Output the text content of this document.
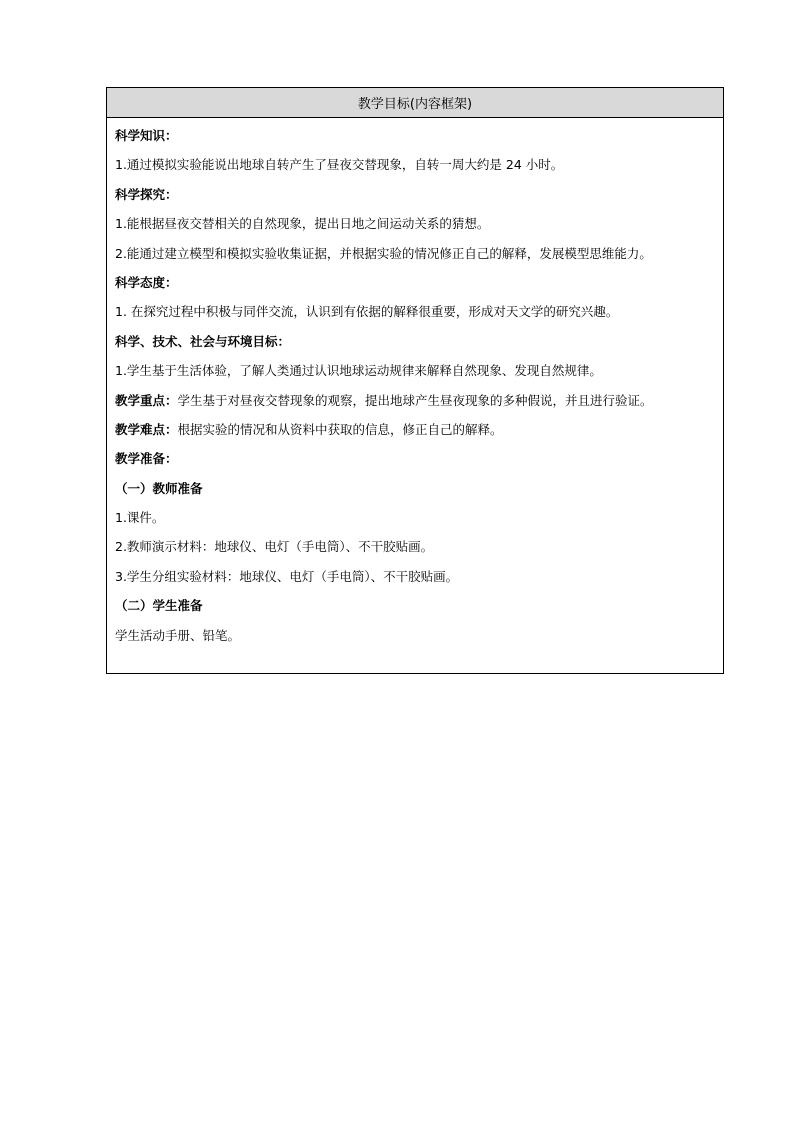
教学目标(内容框架)
科学知识：
1.通过模拟实验能说出地球自转产生了昼夜交替现象，自转一周大约是 24 小时。
科学探究：
1.能根据昼夜交替相关的自然现象，提出日地之间运动关系的猜想。
2.能通过建立模型和模拟实验收集证据，并根据实验的情况修正自己的解释，发展模型思维能力。
科学态度：
1. 在探究过程中积极与同伴交流，认识到有依据的解释很重要，形成对天文学的研究兴趣。
科学、技术、社会与环境目标：
1.学生基于生活体验，了解人类通过认识地球运动规律来解释自然现象、发现自然规律。
教学重点：学生基于对昼夜交替现象的观察，提出地球产生昼夜现象的多种假说，并且进行验证。
教学难点：根据实验的情况和从资料中获取的信息，修正自己的解释。
教学准备：
（一）教师准备
1.课件。
2.教师演示材料：地球仪、电灯（手电筒）、不干胶贴画。
3.学生分组实验材料：地球仪、电灯（手电筒）、不干胶贴画。
（二）学生准备
学生活动手册、铅笔。
